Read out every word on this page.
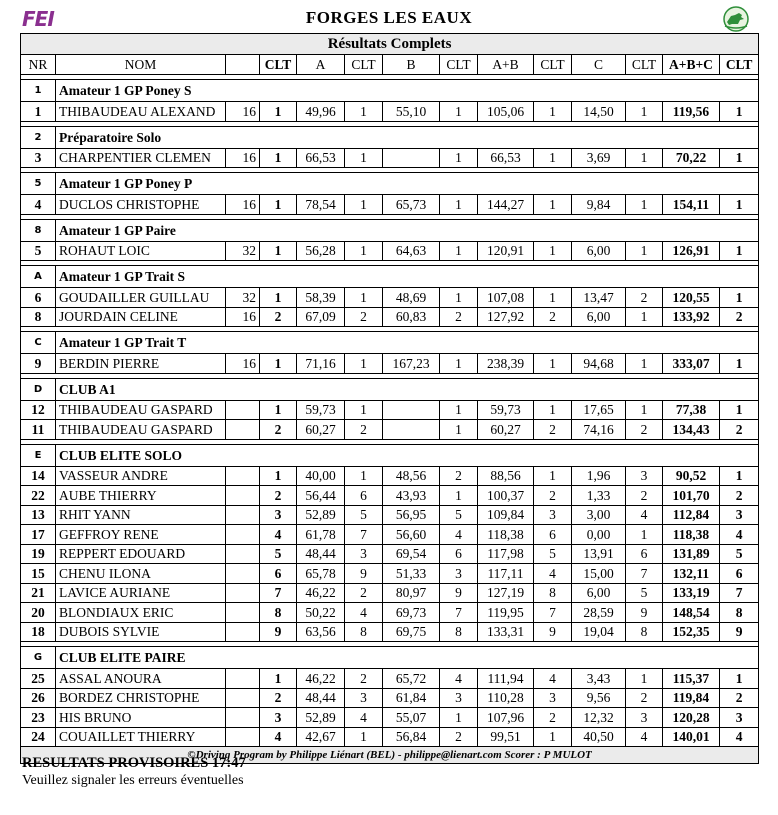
FEI	FORGES LES EAUX
Résultats Complets													
NR	NOM		CLT	A	CLT	B	CLT	A+B	CLT	C	CLT	A+B+C	CLT

1	Amateur 1 GP Poney S												
1	THIBAUDEAU ALEXAND	16	1	49,96	1	55,10	1	105,06	1	14,50	1	119,56	1

2	Préparatoire Solo												
3	CHARPENTIER CLEMEN	16	1	66,53	1		1	66,53	1	3,69	1	70,22	1

5	Amateur 1 GP Poney P												
4	DUCLOS CHRISTOPHE	16	1	78,54	1	65,73	1	144,27	1	9,84	1	154,11	1

8	Amateur 1 GP Paire												
5	ROHAUT LOIC	32	1	56,28	1	64,63	1	120,91	1	6,00	1	126,91	1

A	Amateur 1 GP Trait S												
6	GOUDAILLER GUILLAU	32	1	58,39	1	48,69	1	107,08	1	13,47	2	120,55	1
8	JOURDAIN CELINE	16	2	67,09	2	60,83	2	127,92	2	6,00	1	133,92	2

C	Amateur 1 GP Trait T												
9	BERDIN PIERRE	16	1	71,16	1	167,23	1	238,39	1	94,68	1	333,07	1

D	CLUB A1												
12	THIBAUDEAU GASPARD		1	59,73	1		1	59,73	1	17,65	1	77,38	1
11	THIBAUDEAU GASPARD		2	60,27	2		1	60,27	2	74,16	2	134,43	2

E	CLUB ELITE SOLO												
14	VASSEUR ANDRE		1	40,00	1	48,56	2	88,56	1	1,96	3	90,52	1
22	AUBE THIERRY		2	56,44	6	43,93	1	100,37	2	1,33	2	101,70	2
13	RHIT YANN		3	52,89	5	56,95	5	109,84	3	3,00	4	112,84	3
17	GEFFROY RENE		4	61,78	7	56,60	4	118,38	6	0,00	1	118,38	4
19	REPPERT EDOUARD		5	48,44	3	69,54	6	117,98	5	13,91	6	131,89	5
15	CHENU ILONA		6	65,78	9	51,33	3	117,11	4	15,00	7	132,11	6
21	LAVICE AURIANE		7	46,22	2	80,97	9	127,19	8	6,00	5	133,19	7
20	BLONDIAUX ERIC		8	50,22	4	69,73	7	119,95	7	28,59	9	148,54	8
18	DUBOIS SYLVIE		9	63,56	8	69,75	8	133,31	9	19,04	8	152,35	9

G	CLUB ELITE PAIRE												
25	ASSAL ANOURA		1	46,22	2	65,72	4	111,94	4	3,43	1	115,37	1
26	BORDEZ CHRISTOPHE		2	48,44	3	61,84	3	110,28	3	9,56	2	119,84	2
23	HIS BRUNO		3	52,89	4	55,07	1	107,96	2	12,32	3	120,28	3
24	COUAILLET THIERRY		4	42,67	1	56,84	2	99,51	1	40,50	4	140,01	4
©Driving Program by Philippe Liénart (BEL) - philippe@lienart.com Scorer : P MULOT													
RESULTATS PROVISOIRES 17:47
Veuillez signaler les erreurs éventuelles
